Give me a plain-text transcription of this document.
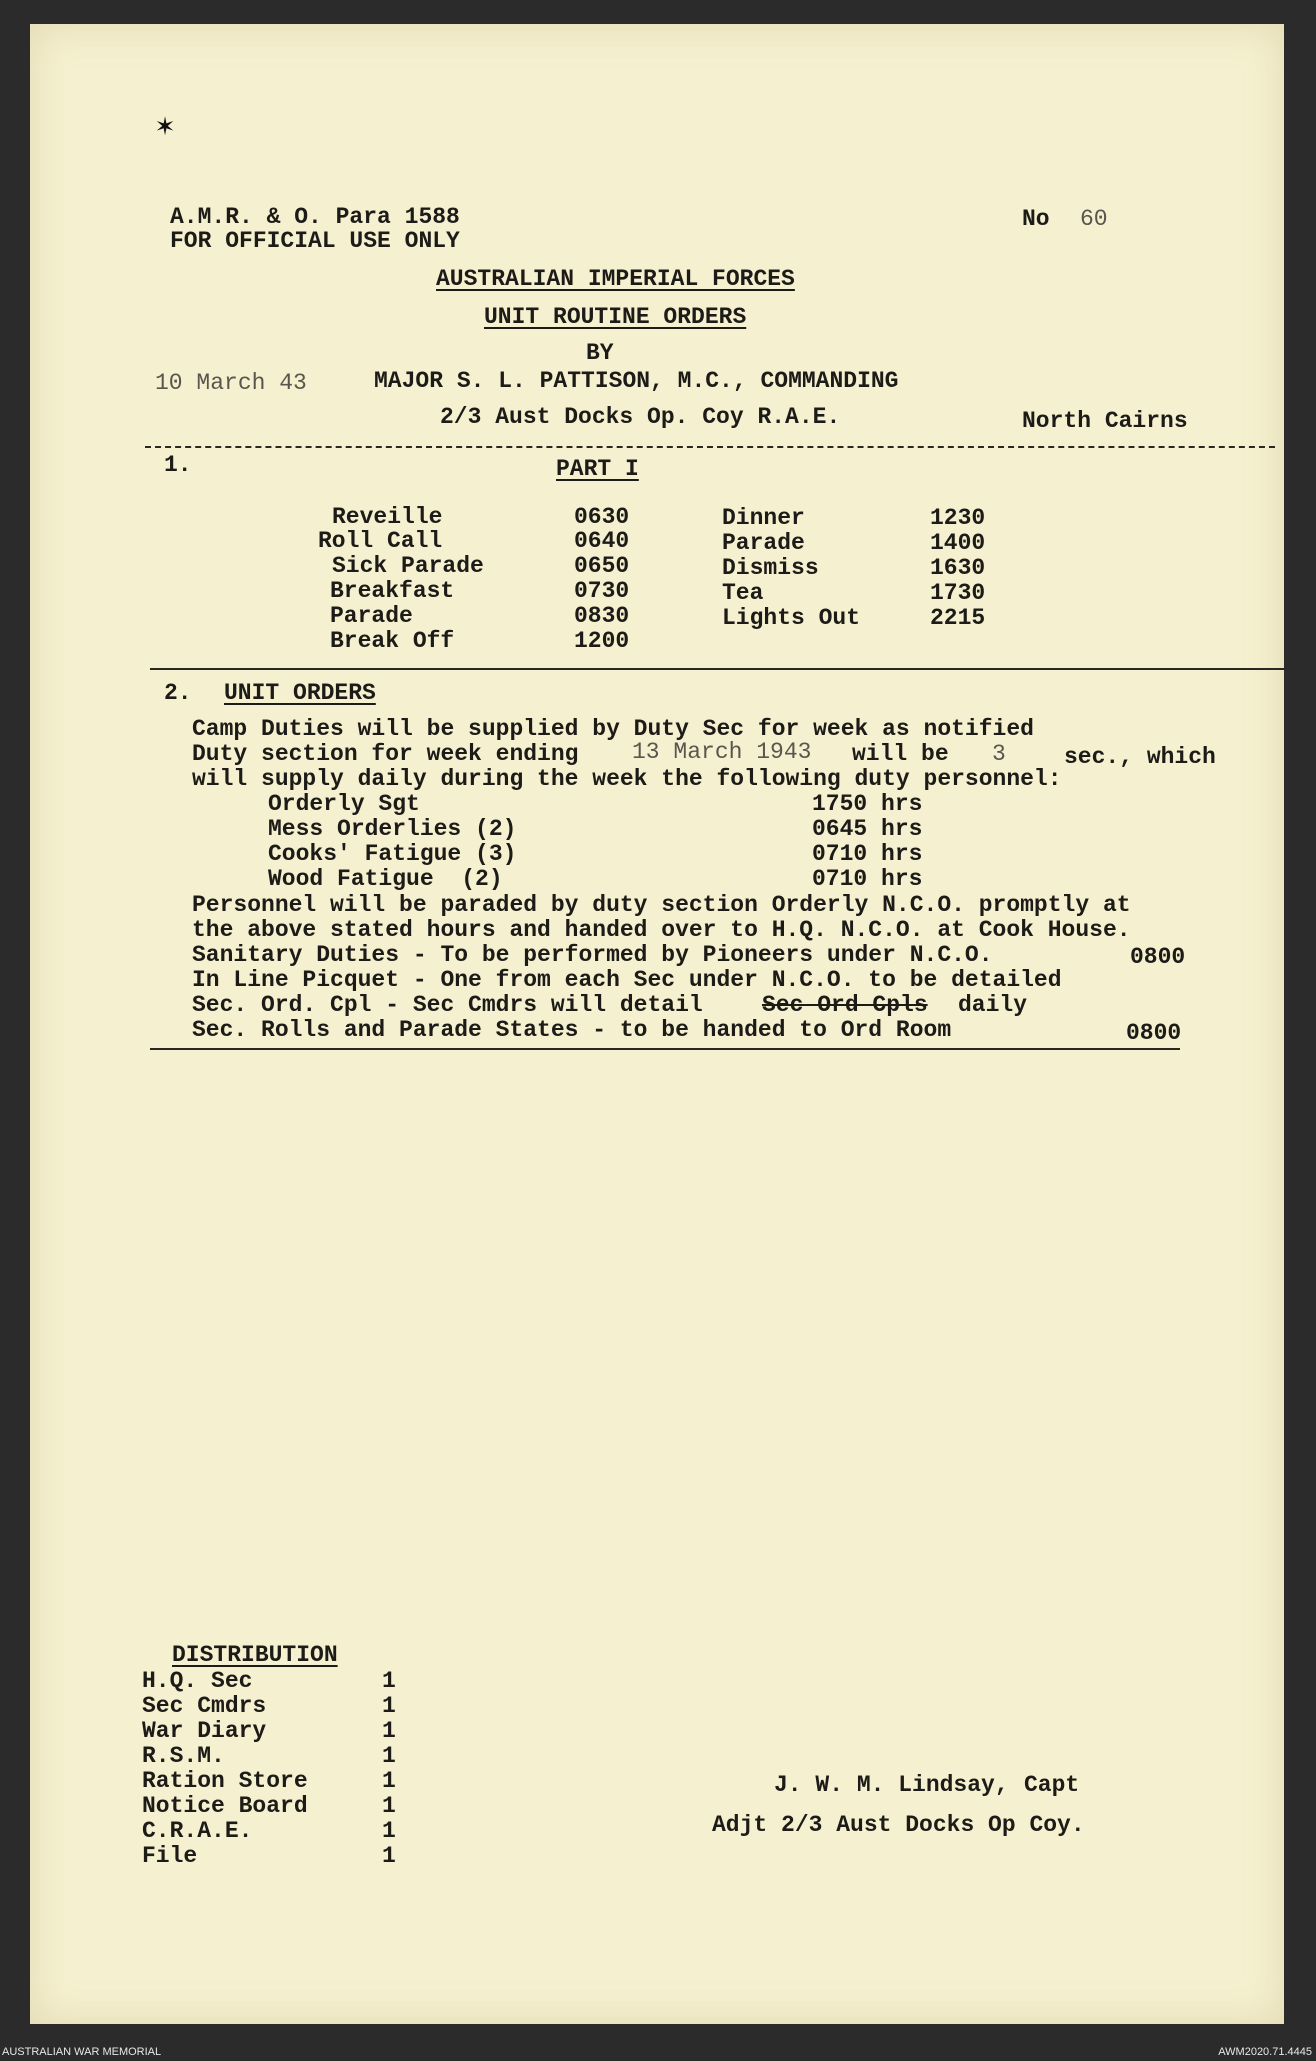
✶
A.M.R. & O. Para 1588
FOR OFFICIAL USE ONLY
No 60
AUSTRALIAN IMPERIAL FORCES
UNIT ROUTINE ORDERS
BY
10 March 43	MAJOR S. L. PATTISON, M.C., COMMANDING
2/3 Aust Docks Op. Coy R.A.E.	North Cairns
1.	PART I
Reveille	0630
Roll Call	0640
Sick Parade	0650
Breakfast	0730
Parade	0830
Break Off	1200
Dinner	1230
Parade	1400
Dismiss	1630
Tea	1730
Lights Out	2215
2. UNIT ORDERS
Camp Duties will be supplied by Duty Sec for week as notified
Duty section for week ending 13 March 1943 will be 3	sec., which
will supply daily during the week the following duty personnel:
Orderly Sgt	1750 hrs
Mess Orderlies (2)	0645 hrs
Cooks' Fatigue (3)	0710 hrs
Wood Fatigue  (2)	0710 hrs
Personnel will be paraded by duty section Orderly N.C.O. promptly at
the above stated hours and handed over to H.Q. N.C.O. at Cook House.
Sanitary Duties - To be performed by Pioneers under N.C.O.	0800
In Line Picquet - One from each Sec under N.C.O. to be detailed
Sec. Ord. Cpl - Sec Cmdrs will detail	Sec Ord Cpls daily
Sec. Rolls and Parade States - to be handed to Ord Room	0800
DISTRIBUTION
H.Q. Sec	1
Sec Cmdrs	1
War Diary	1
R.S.M.	1
Ration Store	1
Notice Board	1
C.R.A.E.	1
File	1
J. W. M. Lindsay, Capt
Adjt 2/3 Aust Docks Op Coy.
AUSTRALIAN WAR MEMORIAL	AWM2020.71.4445
